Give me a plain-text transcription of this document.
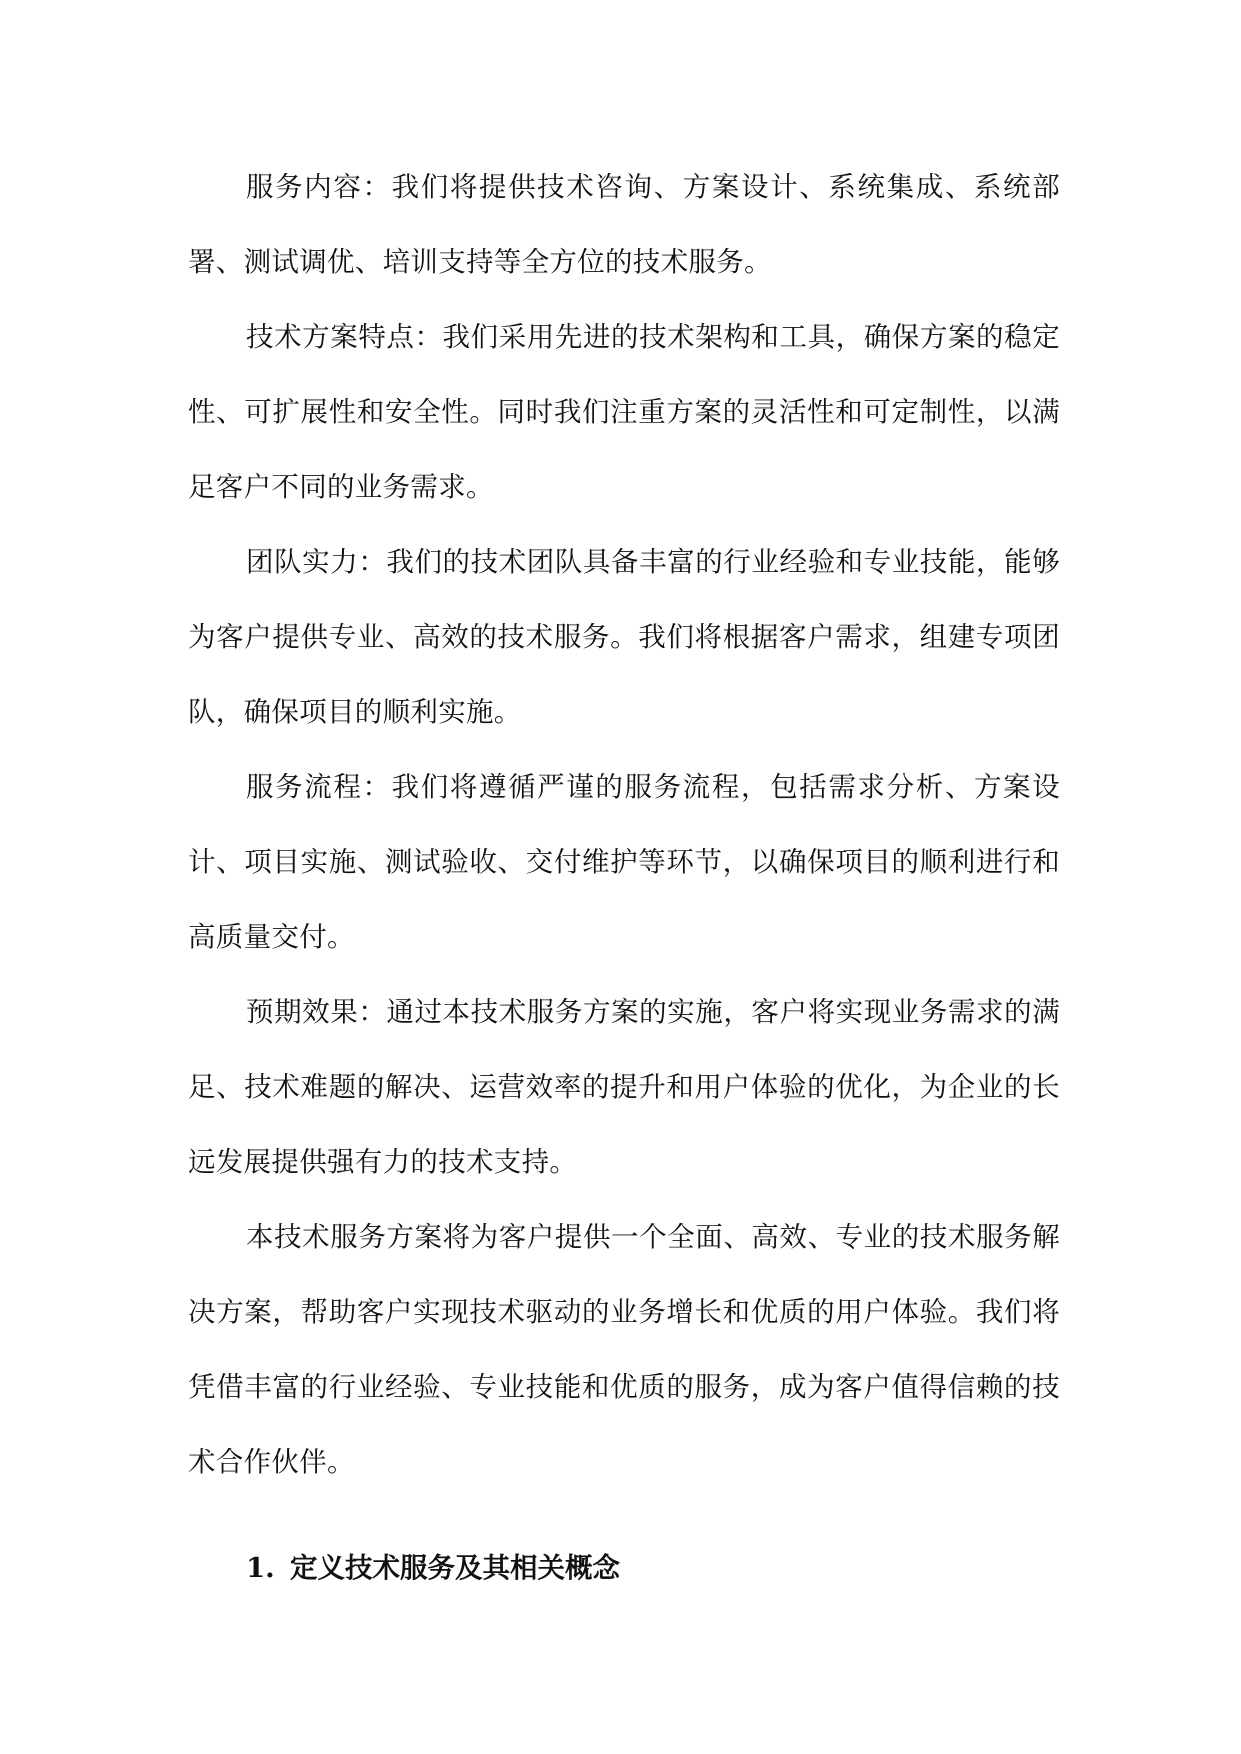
服务内容：我们将提供技术咨询、方案设计、系统集成、系统部署、测试调优、培训支持等全方位的技术服务。

技术方案特点：我们采用先进的技术架构和工具，确保方案的稳定性、可扩展性和安全性。同时我们注重方案的灵活性和可定制性，以满足客户不同的业务需求。

团队实力：我们的技术团队具备丰富的行业经验和专业技能，能够为客户提供专业、高效的技术服务。我们将根据客户需求，组建专项团队，确保项目的顺利实施。

服务流程：我们将遵循严谨的服务流程，包括需求分析、方案设计、项目实施、测试验收、交付维护等环节，以确保项目的顺利进行和高质量交付。

预期效果：通过本技术服务方案的实施，客户将实现业务需求的满足、技术难题的解决、运营效率的提升和用户体验的优化，为企业的长远发展提供强有力的技术支持。

本技术服务方案将为客户提供一个全面、高效、专业的技术服务解决方案，帮助客户实现技术驱动的业务增长和优质的用户体验。我们将凭借丰富的行业经验、专业技能和优质的服务，成为客户值得信赖的技术合作伙伴。

1. 定义技术服务及其相关概念
